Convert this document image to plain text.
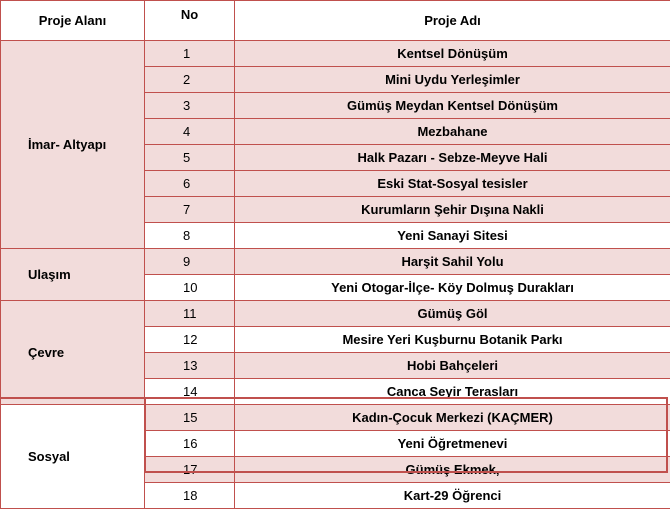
Proje Alanı	No	Proje Adı
İmar- Altyapı	1	Kentsel Dönüşüm
	2	Mini Uydu Yerleşimler
	3	Gümüş Meydan Kentsel Dönüşüm
	4	Mezbahane
	5	Halk Pazarı - Sebze-Meyve Hali
	6	Eski Stat-Sosyal tesisler
	7	Kurumların Şehir Dışına Nakli
	8	Yeni Sanayi Sitesi
Ulaşım	9	Harşit Sahil Yolu
	10	Yeni Otogar-İlçe- Köy Dolmuş Durakları
Çevre	11	Gümüş Göl
	12	Mesire Yeri Kuşburnu Botanik Parkı
	13	Hobi Bahçeleri
	14	Canca Seyir Terasları
Sosyal	15	Kadın-Çocuk Merkezi (KAÇMER)
	16	Yeni Öğretmenevi
	17	Gümüş Ekmek,
	18	Kart-29 Öğrenci
